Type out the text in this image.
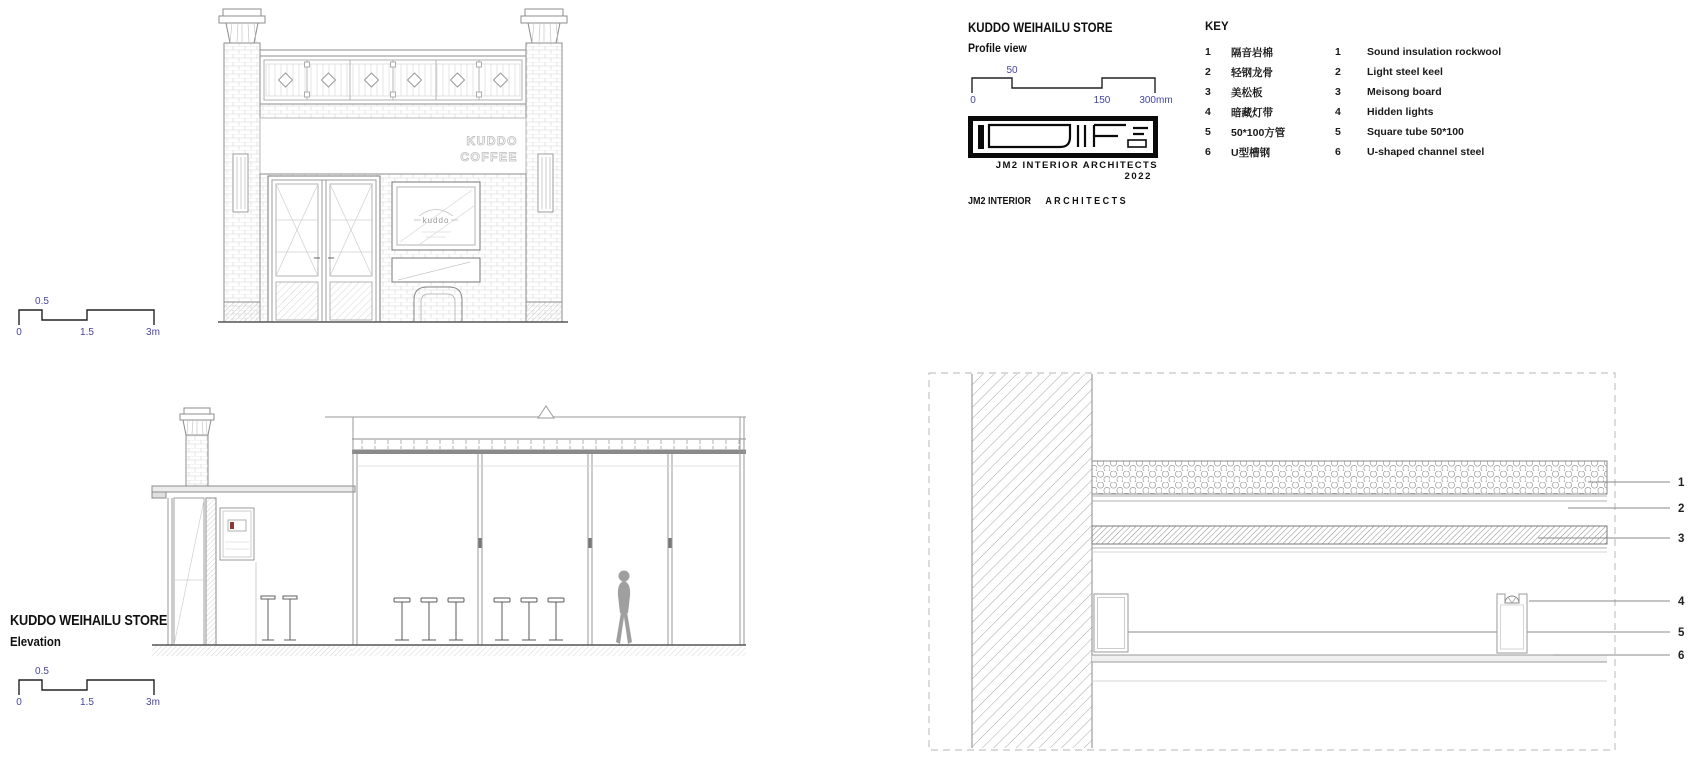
KUDDO
COFFEE
kuddo
0.5
0	1.5	3m
KUDDO WEIHAILU STORE
Elevation
0.5
0	1.5	3m
KUDDO WEIHAILU STORE
Profile view
50
0	150	300mm
JM2 INTERIOR ARCHITECTS
2022
JM2 INTERIOR A R C H I T E C T S
KEY
1	隔音岩棉	1	Sound insulation rockwool
2	轻钢龙骨	2	Light steel keel
3	美松板	3	Meisong board
4	暗藏灯带	4	Hidden lights
5	50*100方管	5	Square tube 50*100
6	U型槽钢	6	U-shaped channel steel
1
2
3
4
5
6
